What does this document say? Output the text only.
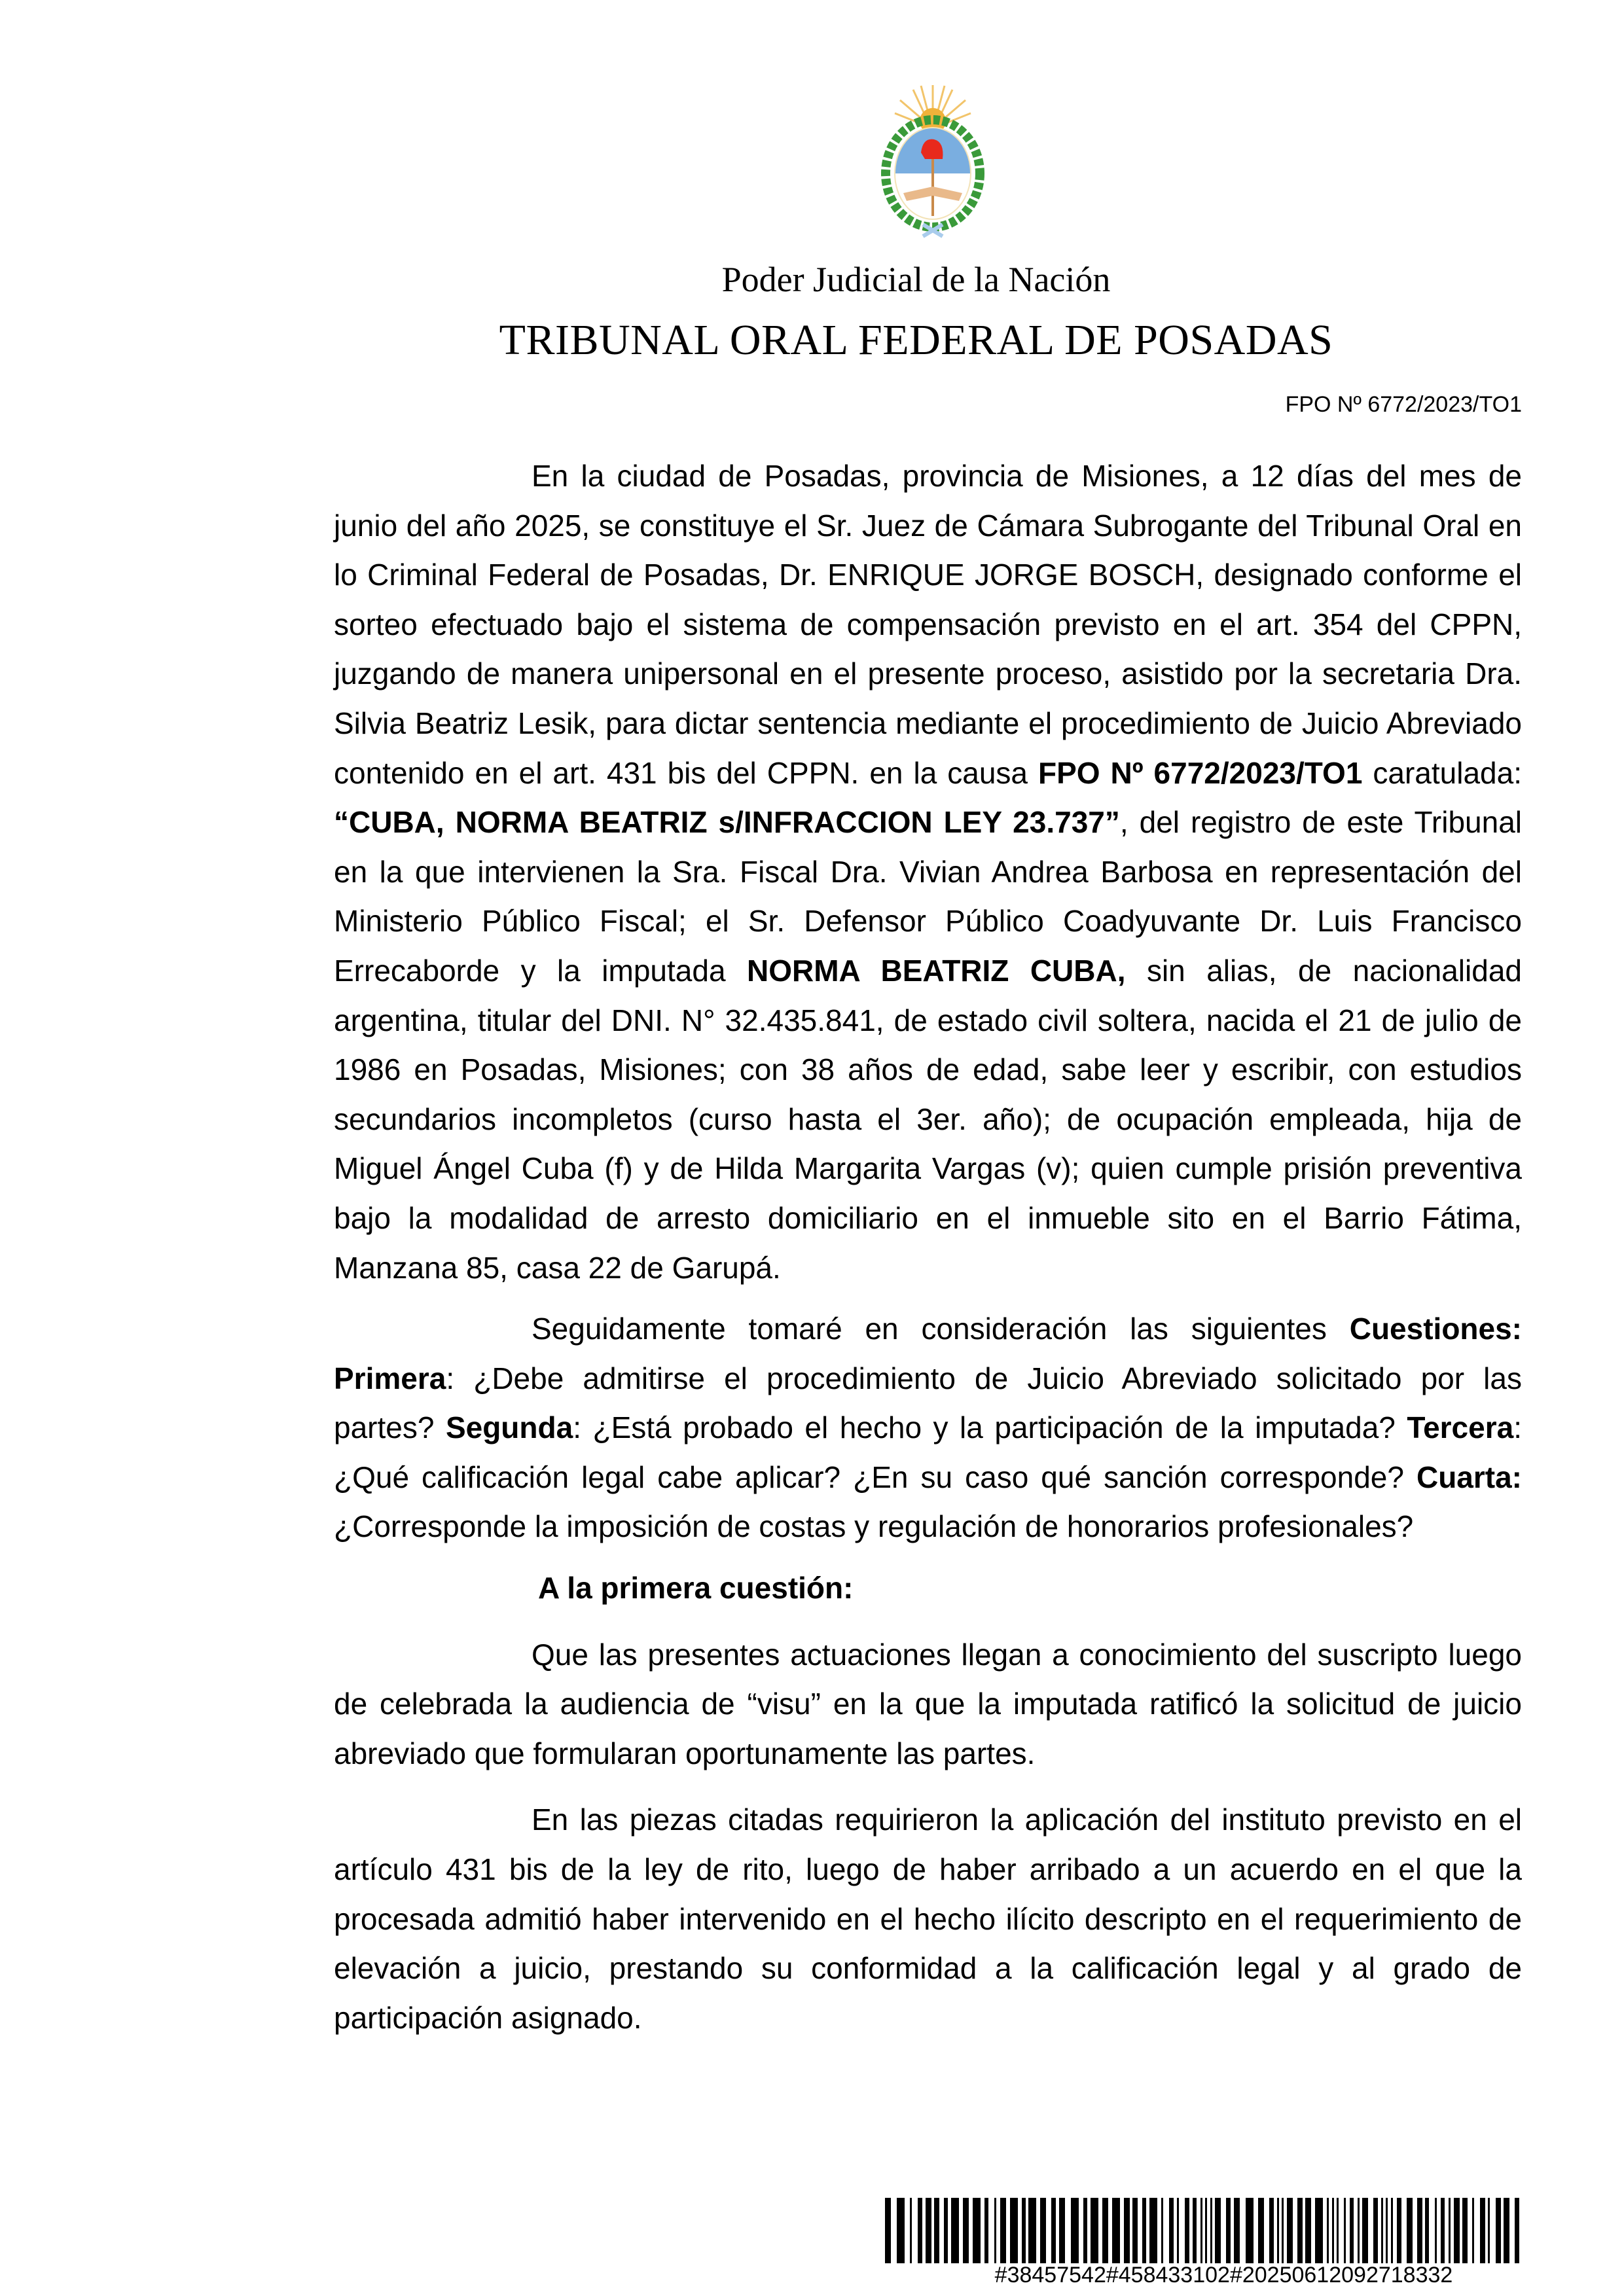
Poder Judicial de la Nación
TRIBUNAL ORAL FEDERAL DE POSADAS
FPO Nº 6772/2023/TO1

En la ciudad de Posadas, provincia de Misiones, a 12 días del mes de junio del año 2025, se constituye el Sr. Juez de Cámara Subrogante del Tribunal Oral en lo Criminal Federal de Posadas, Dr. ENRIQUE JORGE BOSCH, designado conforme el sorteo efectuado bajo el sistema de compensación previsto en el art. 354 del CPPN, juzgando de manera unipersonal en el presente proceso, asistido por la secretaria Dra. Silvia Beatriz Lesik, para dictar sentencia mediante el procedimiento de Juicio Abreviado contenido en el art. 431 bis del CPPN. en la causa FPO Nº 6772/2023/TO1 caratulada: “CUBA, NORMA BEATRIZ s/INFRACCION LEY 23.737”, del registro de este Tribunal en la que intervienen la Sra. Fiscal Dra. Vivian Andrea Barbosa en representación del Ministerio Público Fiscal; el Sr. Defensor Público Coadyuvante Dr. Luis Francisco Errecaborde y la imputada NORMA BEATRIZ CUBA, sin alias, de nacionalidad argentina, titular del DNI. N° 32.435.841, de estado civil soltera, nacida el 21 de julio de 1986 en Posadas, Misiones; con 38 años de edad, sabe leer y escribir, con estudios secundarios incompletos (curso hasta el 3er. año); de ocupación empleada, hija de Miguel Ángel Cuba (f) y de Hilda Margarita Vargas (v); quien cumple prisión preventiva bajo la modalidad de arresto domiciliario en el inmueble sito en el Barrio Fátima, Manzana 85, casa 22 de Garupá.

Seguidamente tomaré en consideración las siguientes Cuestiones: Primera: ¿Debe admitirse el procedimiento de Juicio Abreviado solicitado por las partes? Segunda: ¿Está probado el hecho y la participación de la imputada? Tercera: ¿Qué calificación legal cabe aplicar? ¿En su caso qué sanción corresponde? Cuarta: ¿Corresponde la imposición de costas y regulación de honorarios profesionales?

A la primera cuestión:

Que las presentes actuaciones llegan a conocimiento del suscripto luego de celebrada la audiencia de “visu” en la que la imputada ratificó la solicitud de juicio abreviado que formularan oportunamente las partes.

En las piezas citadas requirieron la aplicación del instituto previsto en el artículo 431 bis de la ley de rito, luego de haber arribado a un acuerdo en el que la procesada admitió haber intervenido en el hecho ilícito descripto en el requerimiento de elevación a juicio, prestando su conformidad a la calificación legal y al grado de participación asignado.

#38457542#458433102#20250612092718332
